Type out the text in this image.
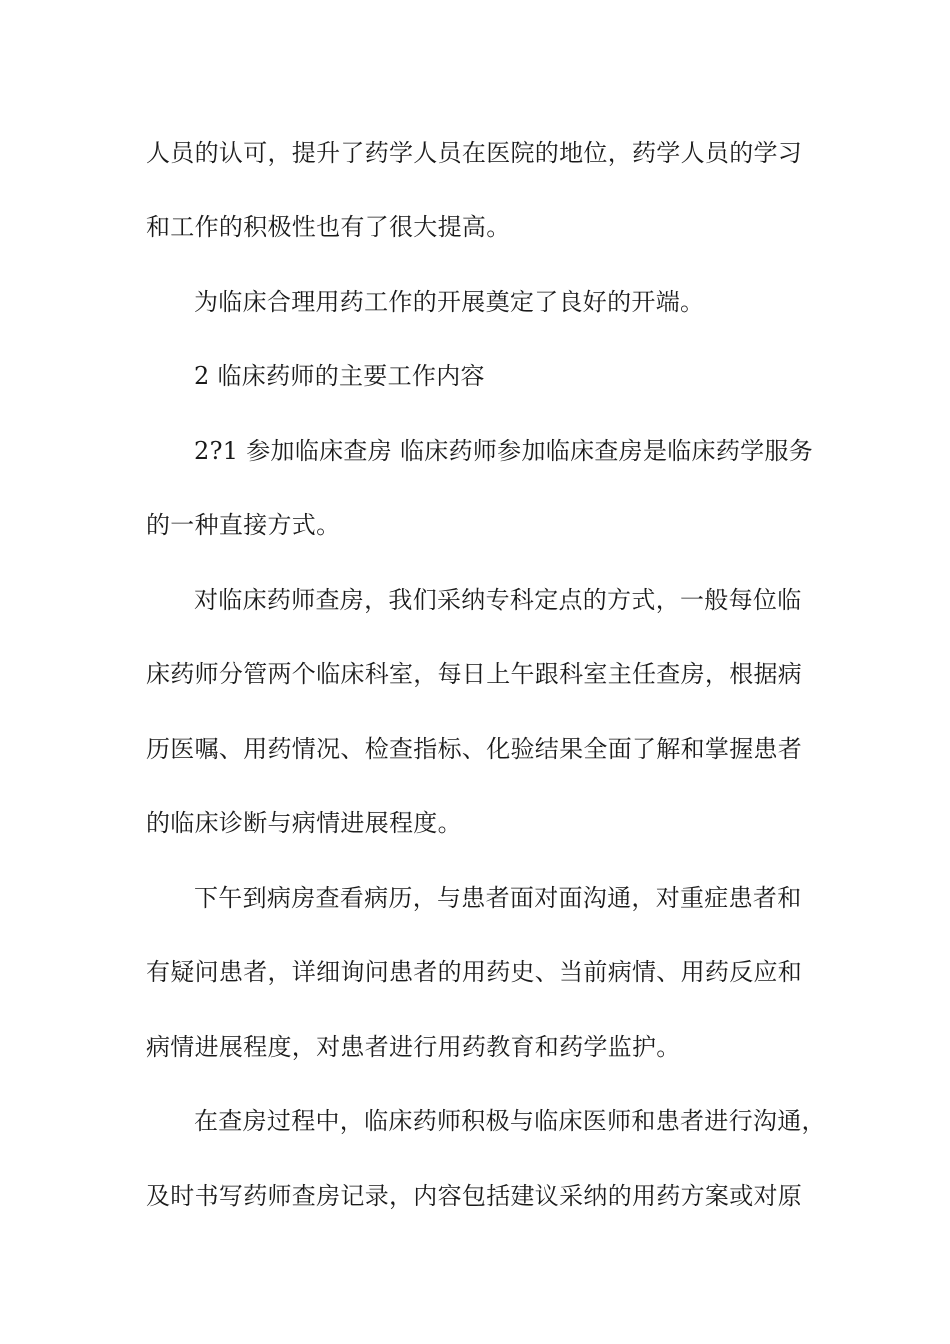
人员的认可，提升了药学人员在医院的地位，药学人员的学习
和工作的积极性也有了很大提高。
为临床合理用药工作的开展奠定了良好的开端。
2 临床药师的主要工作内容
2?1 参加临床查房 临床药师参加临床查房是临床药学服务
的一种直接方式。
对临床药师查房，我们采纳专科定点的方式，一般每位临
床药师分管两个临床科室，每日上午跟科室主任查房，根据病
历医嘱、用药情况、检查指标、化验结果全面了解和掌握患者
的临床诊断与病情进展程度。
下午到病房查看病历，与患者面对面沟通，对重症患者和
有疑问患者，详细询问患者的用药史、当前病情、用药反应和
病情进展程度，对患者进行用药教育和药学监护。
在查房过程中，临床药师积极与临床医师和患者进行沟通，
及时书写药师查房记录，内容包括建议采纳的用药方案或对原
